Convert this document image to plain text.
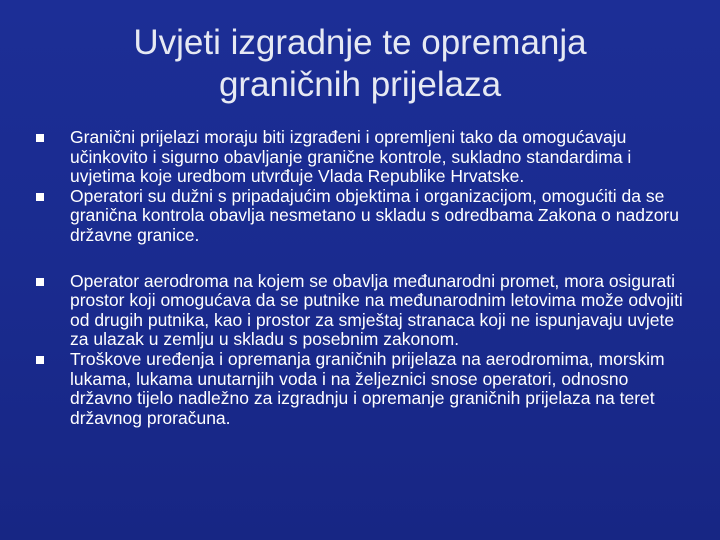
Uvjeti izgradnje te opremanja
graničnih prijelaza
Granični prijelazi moraju biti izgrađeni i opremljeni tako da omogućavaju učinkovito i sigurno obavljanje granične kontrole, sukladno standardima i uvjetima koje uredbom utvrđuje Vlada Republike Hrvatske.
Operatori su dužni s pripadajućim objektima i organizacijom, omogućiti da se granična kontrola obavlja nesmetano u skladu s odredbama Zakona o nadzoru državne granice.
Operator aerodroma na kojem se obavlja međunarodni promet, mora osigurati prostor koji omogućava da se putnike na međunarodnim letovima može odvojiti od drugih putnika, kao i prostor za smještaj stranaca koji ne ispunjavaju uvjete za ulazak u zemlju u skladu s posebnim zakonom.
Troškove uređenja i opremanja graničnih prijelaza na aerodromima, morskim lukama, lukama unutarnjih voda i na željeznici snose operatori, odnosno državno tijelo nadležno za izgradnju i opremanje graničnih prijelaza na teret državnog proračuna.
